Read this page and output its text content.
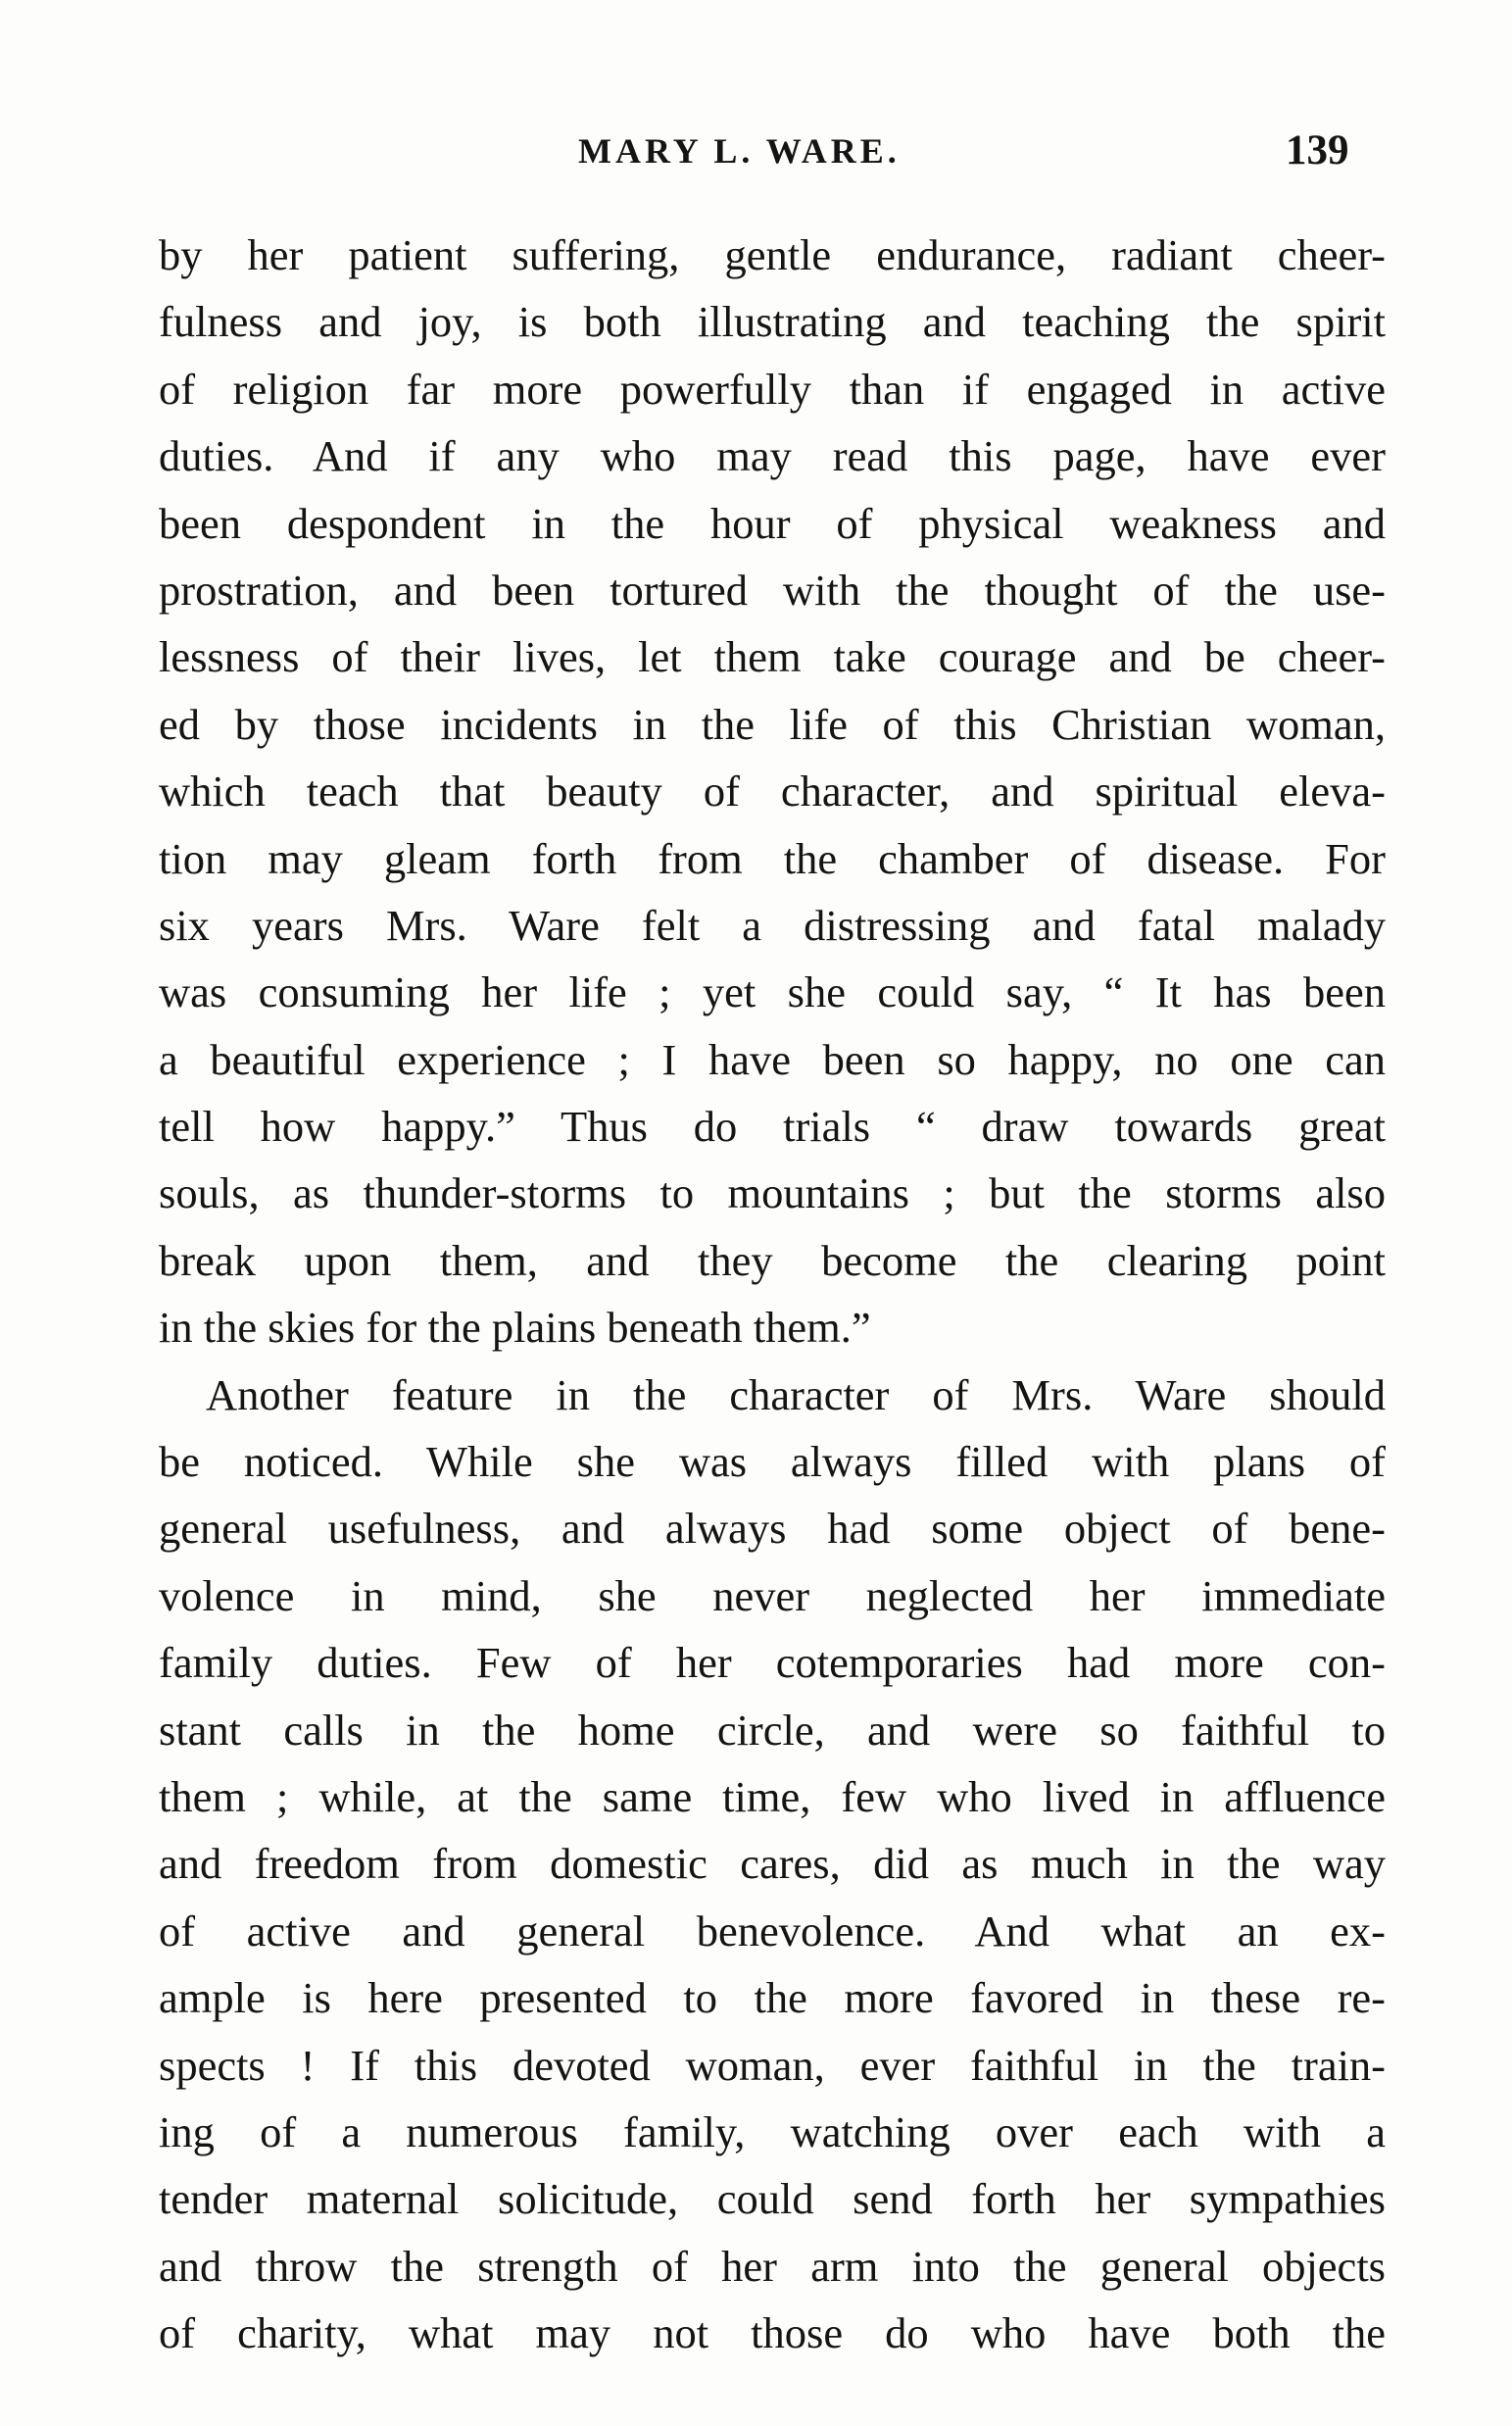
MARY L. WARE.	139
by her patient suffering, gentle endurance, radiant cheer-
fulness and joy, is both illustrating and teaching the spirit
of religion far more powerfully than if engaged in active
duties. And if any who may read this page, have ever
been despondent in the hour of physical weakness and
prostration, and been tortured with the thought of the use-
lessness of their lives, let them take courage and be cheer-
ed by those incidents in the life of this Christian woman,
which teach that beauty of character, and spiritual eleva-
tion may gleam forth from the chamber of disease. For
six years Mrs. Ware felt a distressing and fatal malady
was consuming her life ; yet she could say, “ It has been
a beautiful experience ; I have been so happy, no one can
tell how happy.” Thus do trials “ draw towards great
souls, as thunder-storms to mountains ; but the storms also
break upon them, and they become the clearing point
in the skies for the plains beneath them.”
Another feature in the character of Mrs. Ware should
be noticed. While she was always filled with plans of
general usefulness, and always had some object of bene-
volence in mind, she never neglected her immediate
family duties. Few of her cotemporaries had more con-
stant calls in the home circle, and were so faithful to
them ; while, at the same time, few who lived in affluence
and freedom from domestic cares, did as much in the way
of active and general benevolence. And what an ex-
ample is here presented to the more favored in these re-
spects ! If this devoted woman, ever faithful in the train-
ing of a numerous family, watching over each with a
tender maternal solicitude, could send forth her sympathies
and throw the strength of her arm into the general objects
of charity, what may not those do who have both the
